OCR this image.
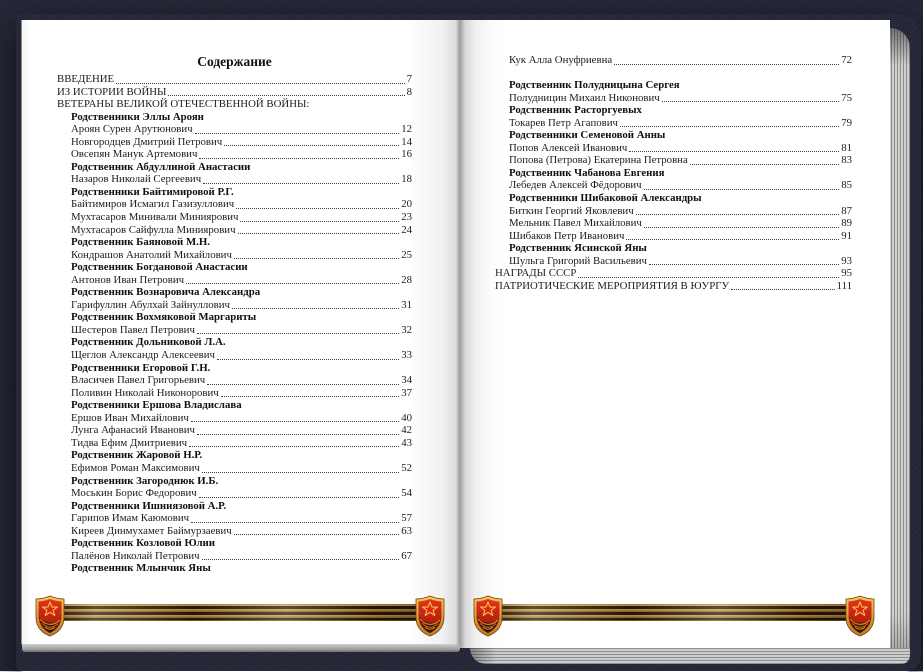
Содержание
ВВЕДЕНИЕ	7
ИЗ ИСТОРИИ ВОЙНЫ	8
ВЕТЕРАНЫ ВЕЛИКОЙ ОТЕЧЕСТВЕННОЙ ВОЙНЫ:
Родственники Эллы Ароян
Ароян Сурен Арутюнович	12
Новгородцев Дмитрий Петрович	14
Овсепян Манук Артемович	16
Родственник Абдуллиной Анастасии
Назаров Николай Сергеевич	18
Родственники Байтимировой Р.Г.
Байтимиров Исмагил Газизуллович	20
Мухтасаров Минивали Миниярович	23
Мухтасаров Сайфулла Миниярович	24
Родственник Баяновой М.Н.
Кондрашов Анатолий Михайлович	25
Родственник Богдановой Анастасии
Антонов Иван Петрович	28
Родственник Вознаровича Александра
Гарифуллин Абулхай Зайнуллович	31
Родственник Вохмяковой Маргариты
Шестеров Павел Петрович	32
Родственник Дольниковой Л.А.
Щеглов Александр Алексеевич	33
Родственники Егоровой Г.Н.
Власичев Павел Григорьевич	34
Поливин Николай Никонорович	37
Родственники Ершова Владислава
Ершов Иван Михайлович	40
Лунга Афанасий Иванович	42
Тидва Ефим Дмитриевич	43
Родственник Жаровой Н.Р.
Ефимов Роман Максимович	52
Родственник Загороднюк И.Б.
Моськин Борис Федорович	54
Родственники Ишниязовой А.Р.
Гарипов Имам Каюмович	57
Киреев Динмухамет Баймурзаевич	63
Родственник Козловой Юлии
Палёнов Николай Петрович	67
Родственник Млынчик Яны
Кук Алла Онуфриевна	72
Родственник Полудницына Сергея
Полудницин Михаил Никонович	75
Родственник Расторгуевых
Токарев Петр Агапович	79
Родственники Семеновой Анны
Попов Алексей Иванович	81
Попова (Петрова) Екатерина Петровна	83
Родственник Чабанова Евгения
Лебедев Алексей Фёдорович	85
Родственники Шибаковой Александры
Биткин Георгий Яковлевич	87
Мельник Павел Михайлович	89
Шибаков Петр Иванович	91
Родственник Ясинской Яны
Шульга Григорий Васильевич	93
НАГРАДЫ СССР	95
ПАТРИОТИЧЕСКИЕ МЕРОПРИЯТИЯ В ЮУРГУ	111
